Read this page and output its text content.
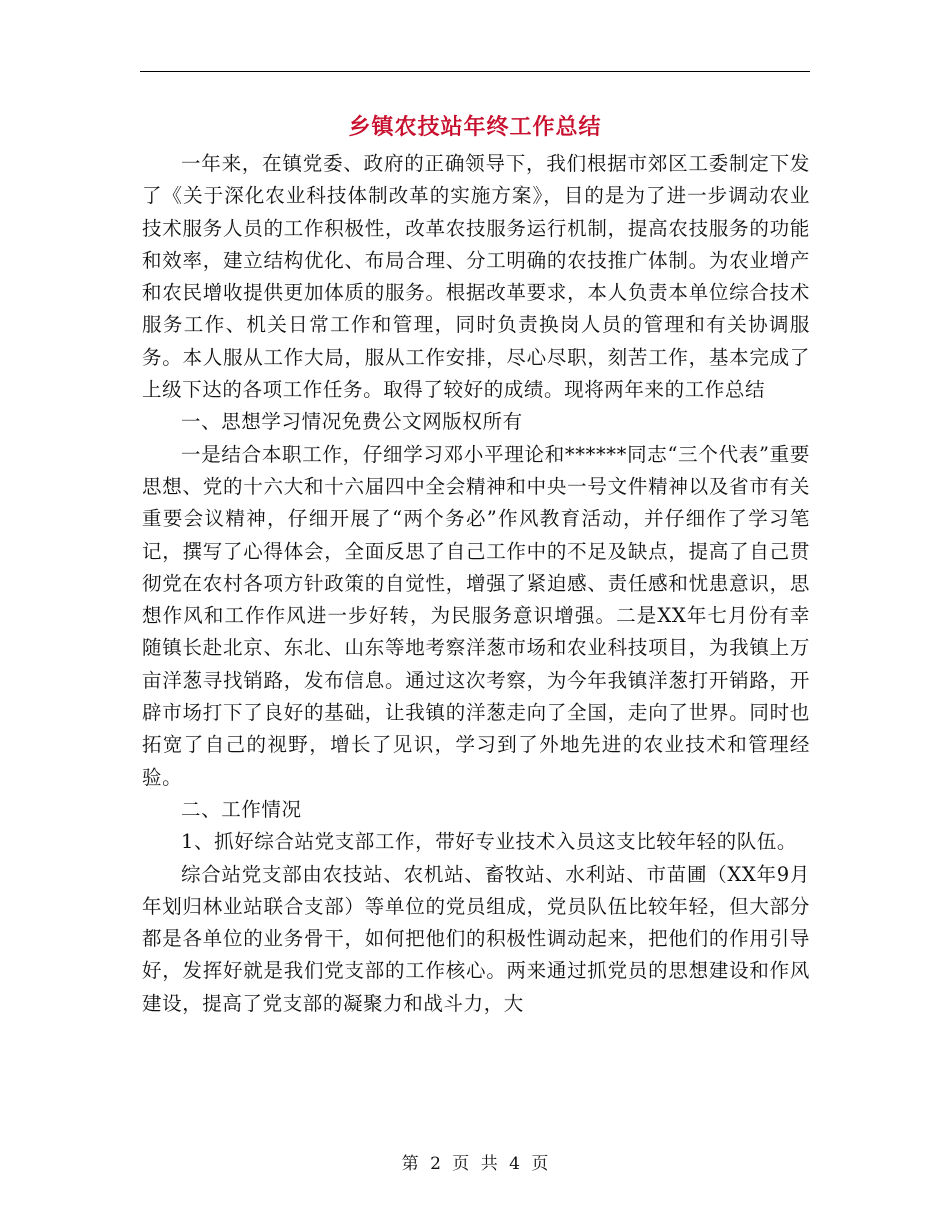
乡镇农技站年终工作总结

一年来，在镇党委、政府的正确领导下，我们根据市郊区工委制定下发了《关于深化农业科技体制改革的实施方案》，目的是为了进一步调动农业技术服务人员的工作积极性，改革农技服务运行机制，提高农技服务的功能和效率，建立结构优化、布局合理、分工明确的农技推广体制。为农业增产和农民增收提供更加体质的服务。根据改革要求，本人负责本单位综合技术服务工作、机关日常工作和管理，同时负责换岗人员的管理和有关协调服务。本人服从工作大局，服从工作安排，尽心尽职，刻苦工作，基本完成了上级下达的各项工作任务。取得了较好的成绩。现将两年来的工作总结

一、思想学习情况免费公文网版权所有

一是结合本职工作，仔细学习邓小平理论和******同志“三个代表”重要思想、党的十六大和十六届四中全会精神和中央一号文件精神以及省市有关重要会议精神，仔细开展了“两个务必”作风教育活动，并仔细作了学习笔记，撰写了心得体会，全面反思了自己工作中的不足及缺点，提高了自己贯彻党在农村各项方针政策的自觉性，增强了紧迫感、责任感和忧患意识，思想作风和工作作风进一步好转，为民服务意识增强。二是XX年七月份有幸随镇长赴北京、东北、山东等地考察洋葱市场和农业科技项目，为我镇上万亩洋葱寻找销路，发布信息。通过这次考察，为今年我镇洋葱打开销路，开辟市场打下了良好的基础，让我镇的洋葱走向了全国，走向了世界。同时也拓宽了自己的视野，增长了见识，学习到了外地先进的农业技术和管理经验。

二、工作情况

1、抓好综合站党支部工作，带好专业技术入员这支比较年轻的队伍。

综合站党支部由农技站、农机站、畜牧站、水利站、市苗圃（XX年9月年划归林业站联合支部）等单位的党员组成，党员队伍比较年轻，但大部分都是各单位的业务骨干，如何把他们的积极性调动起来，把他们的作用引导好，发挥好就是我们党支部的工作核心。两来通过抓党员的思想建设和作风建设，提高了党支部的凝聚力和战斗力，大

第 2 页 共 4 页
